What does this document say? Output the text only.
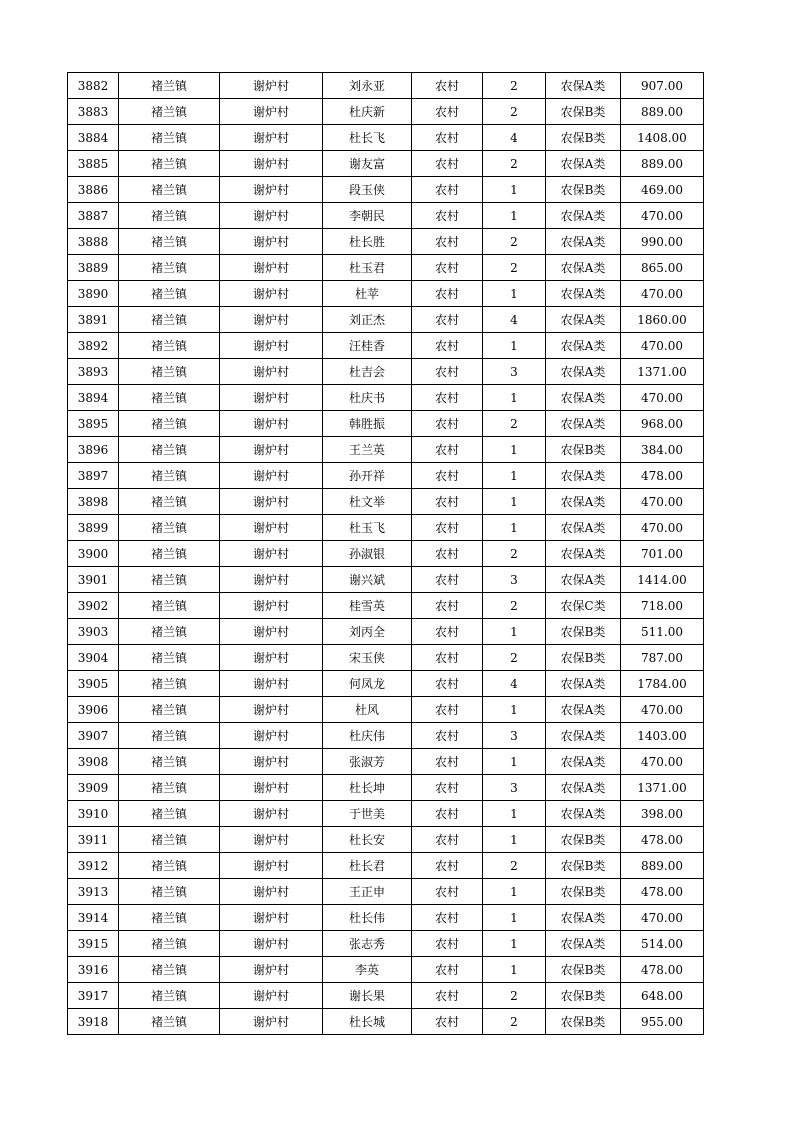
3882	褚兰镇	谢炉村	刘永亚	农村	2	农保A类	907.00
3883	褚兰镇	谢炉村	杜庆新	农村	2	农保B类	889.00
3884	褚兰镇	谢炉村	杜长飞	农村	4	农保B类	1408.00
3885	褚兰镇	谢炉村	谢友富	农村	2	农保A类	889.00
3886	褚兰镇	谢炉村	段玉侠	农村	1	农保B类	469.00
3887	褚兰镇	谢炉村	李朝民	农村	1	农保A类	470.00
3888	褚兰镇	谢炉村	杜长胜	农村	2	农保A类	990.00
3889	褚兰镇	谢炉村	杜玉君	农村	2	农保A类	865.00
3890	褚兰镇	谢炉村	杜苹	农村	1	农保A类	470.00
3891	褚兰镇	谢炉村	刘正杰	农村	4	农保A类	1860.00
3892	褚兰镇	谢炉村	汪桂香	农村	1	农保A类	470.00
3893	褚兰镇	谢炉村	杜吉会	农村	3	农保A类	1371.00
3894	褚兰镇	谢炉村	杜庆书	农村	1	农保A类	470.00
3895	褚兰镇	谢炉村	韩胜振	农村	2	农保A类	968.00
3896	褚兰镇	谢炉村	王兰英	农村	1	农保B类	384.00
3897	褚兰镇	谢炉村	孙开祥	农村	1	农保A类	478.00
3898	褚兰镇	谢炉村	杜文举	农村	1	农保A类	470.00
3899	褚兰镇	谢炉村	杜玉飞	农村	1	农保A类	470.00
3900	褚兰镇	谢炉村	孙淑银	农村	2	农保A类	701.00
3901	褚兰镇	谢炉村	谢兴斌	农村	3	农保A类	1414.00
3902	褚兰镇	谢炉村	桂雪英	农村	2	农保C类	718.00
3903	褚兰镇	谢炉村	刘丙全	农村	1	农保B类	511.00
3904	褚兰镇	谢炉村	宋玉侠	农村	2	农保B类	787.00
3905	褚兰镇	谢炉村	何凤龙	农村	4	农保A类	1784.00
3906	褚兰镇	谢炉村	杜风	农村	1	农保A类	470.00
3907	褚兰镇	谢炉村	杜庆伟	农村	3	农保A类	1403.00
3908	褚兰镇	谢炉村	张淑芳	农村	1	农保A类	470.00
3909	褚兰镇	谢炉村	杜长坤	农村	3	农保A类	1371.00
3910	褚兰镇	谢炉村	于世美	农村	1	农保A类	398.00
3911	褚兰镇	谢炉村	杜长安	农村	1	农保B类	478.00
3912	褚兰镇	谢炉村	杜长君	农村	2	农保B类	889.00
3913	褚兰镇	谢炉村	王正申	农村	1	农保B类	478.00
3914	褚兰镇	谢炉村	杜长伟	农村	1	农保A类	470.00
3915	褚兰镇	谢炉村	张志秀	农村	1	农保A类	514.00
3916	褚兰镇	谢炉村	李英	农村	1	农保B类	478.00
3917	褚兰镇	谢炉村	谢长果	农村	2	农保B类	648.00
3918	褚兰镇	谢炉村	杜长城	农村	2	农保B类	955.00
